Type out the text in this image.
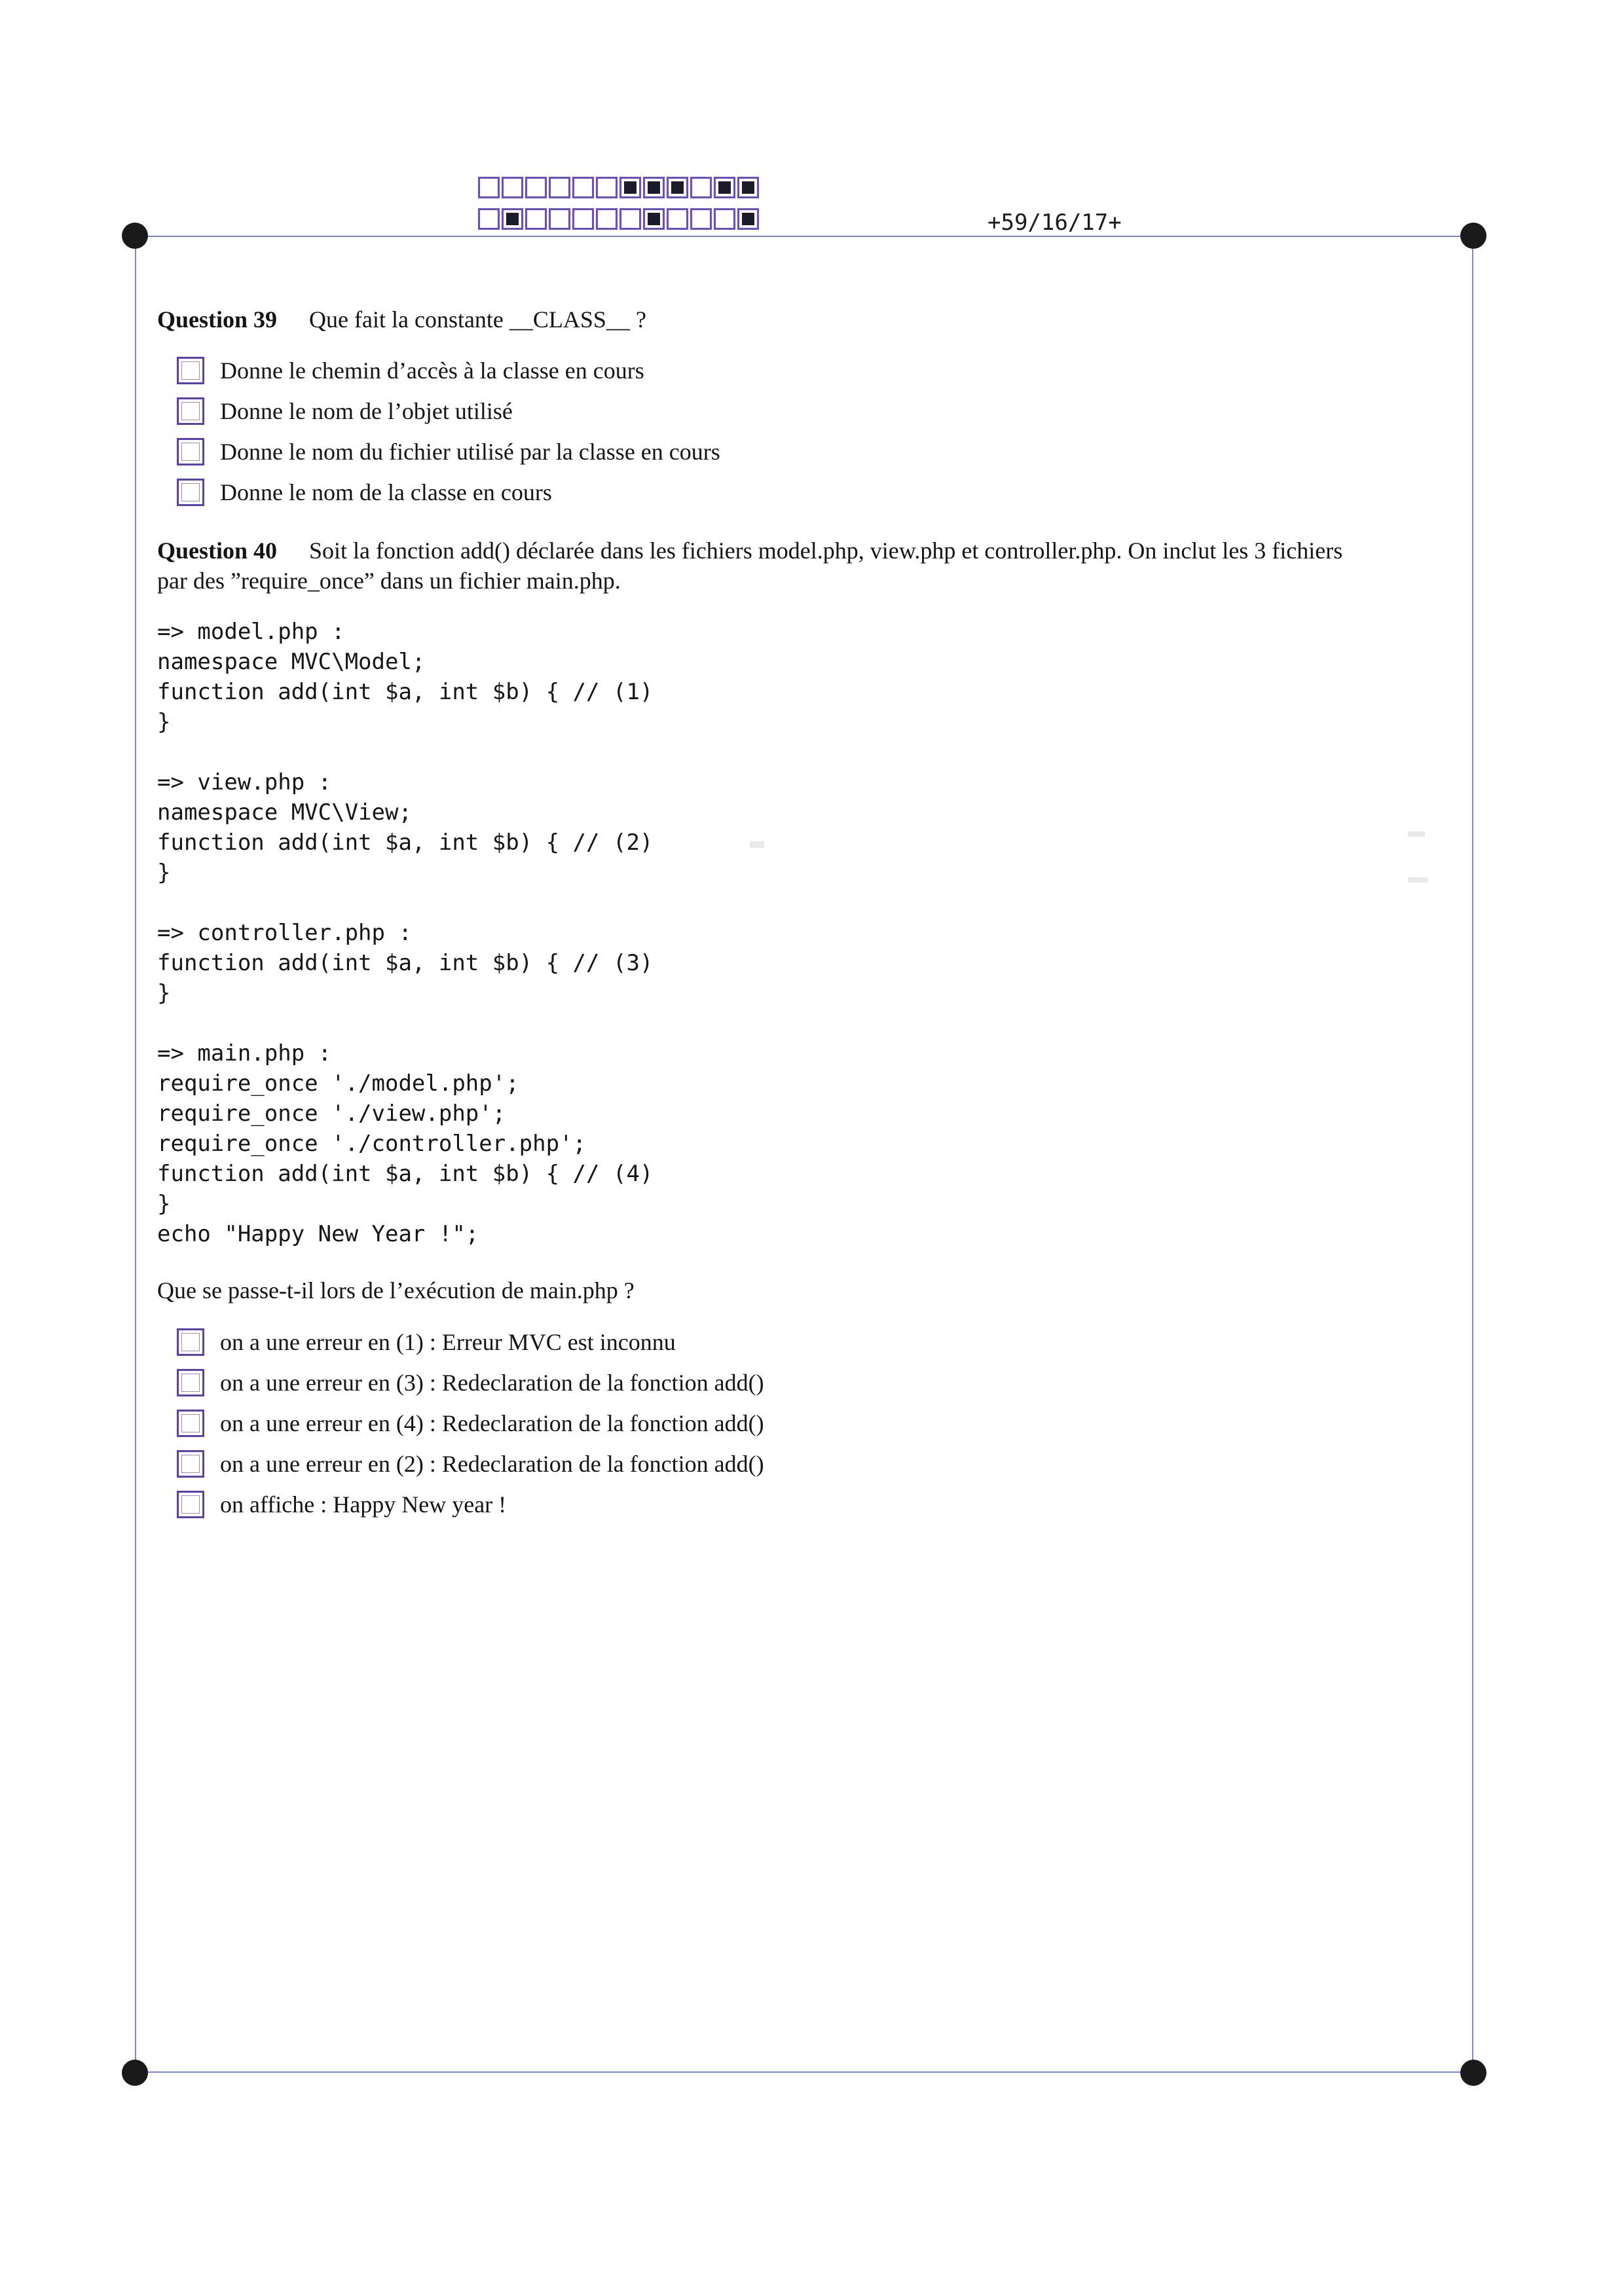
+59/16/17+
Question 39 Que fait la constante __CLASS__ ?
Donne le chemin d’accès à la classe en cours
Donne le nom de l’objet utilisé
Donne le nom du fichier utilisé par la classe en cours
Donne le nom de la classe en cours
Question 40 Soit la fonction add() déclarée dans les fichiers model.php, view.php et controller.php. On inclut les 3 fichiers
par des ”require_once” dans un fichier main.php.
=> model.php :
namespace MVC\Model;
function add(int $a, int $b) { // (1)
}

=> view.php :
namespace MVC\View;
function add(int $a, int $b) { // (2)
}

=> controller.php :
function add(int $a, int $b) { // (3)
}

=> main.php :
require_once './model.php';
require_once './view.php';
require_once './controller.php';
function add(int $a, int $b) { // (4)
}
echo "Happy New Year !";
Que se passe-t-il lors de l’exécution de main.php ?
on a une erreur en (1) : Erreur MVC est inconnu
on a une erreur en (3) : Redeclaration de la fonction add()
on a une erreur en (4) : Redeclaration de la fonction add()
on a une erreur en (2) : Redeclaration de la fonction add()
on affiche : Happy New year !
